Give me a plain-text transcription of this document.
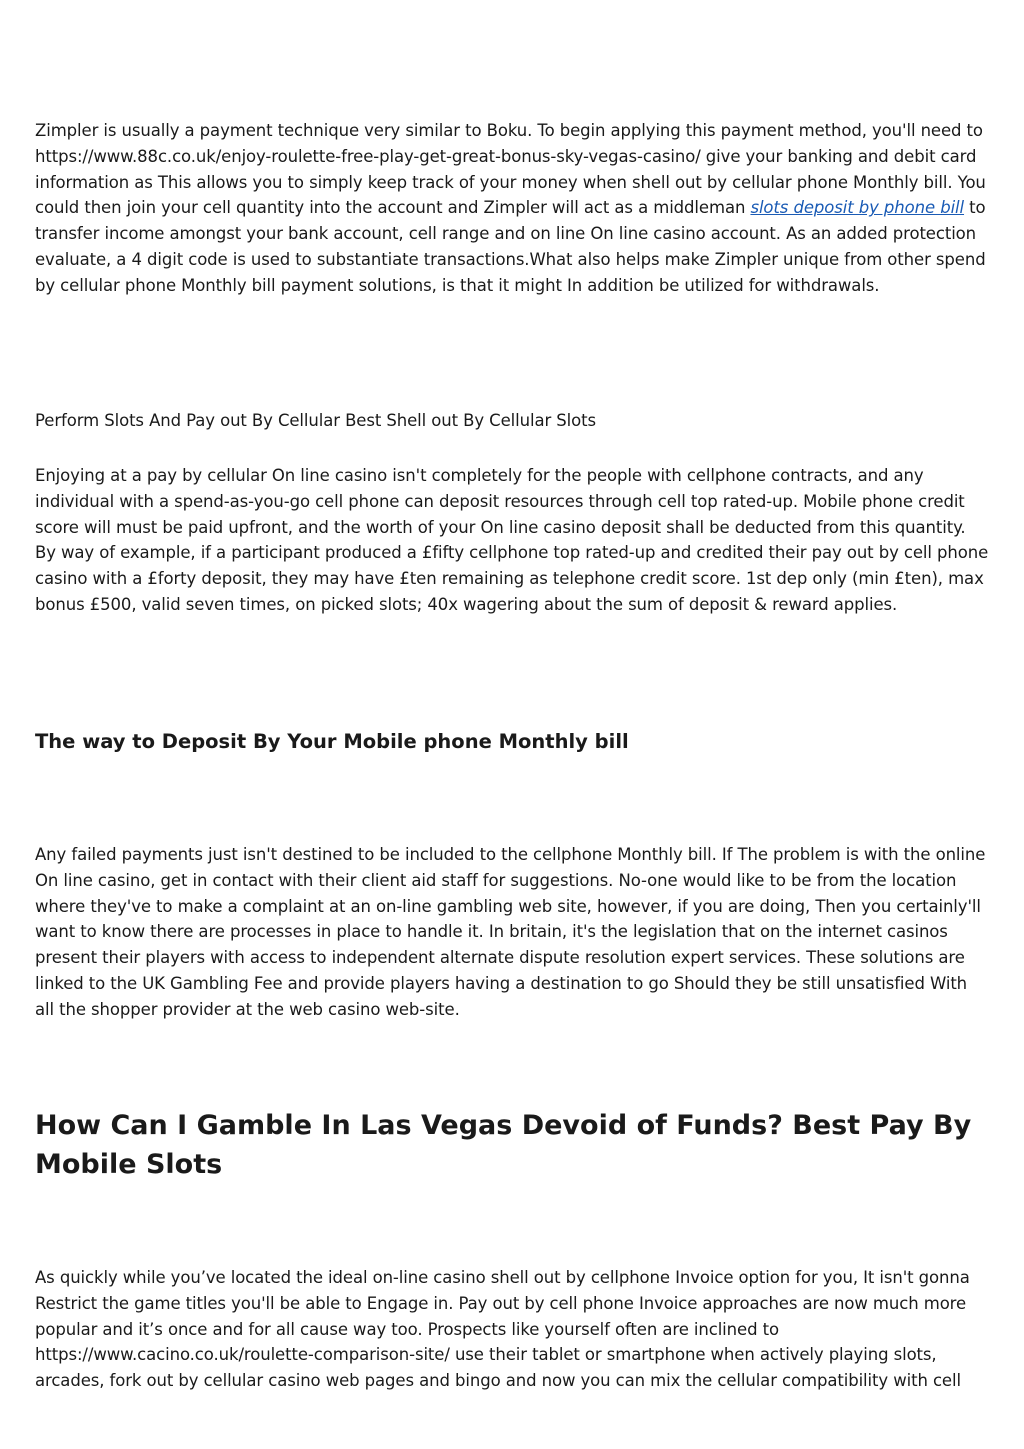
Zimpler is usually a payment technique very similar to Boku. To begin applying this payment method, you'll need to https://www.88c.co.uk/enjoy-roulette-free-play-get-great-bonus-sky-vegas-casino/ give your banking and debit card information as This allows you to simply keep track of your money when shell out by cellular phone Monthly bill. You could then join your cell quantity into the account and Zimpler will act as a middleman slots deposit by phone bill to transfer income amongst your bank account, cell range and on line On line casino account. As an added protection evaluate, a 4 digit code is used to substantiate transactions.What also helps make Zimpler unique from other spend by cellular phone Monthly bill payment solutions, is that it might In addition be utilized for withdrawals.

Perform Slots And Pay out By Cellular Best Shell out By Cellular Slots

Enjoying at a pay by cellular On line casino isn't completely for the people with cellphone contracts, and any individual with a spend-as-you-go cell phone can deposit resources through cell top rated-up. Mobile phone credit score will must be paid upfront, and the worth of your On line casino deposit shall be deducted from this quantity. By way of example, if a participant produced a £fifty cellphone top rated-up and credited their pay out by cell phone casino with a £forty deposit, they may have £ten remaining as telephone credit score. 1st dep only (min £ten), max bonus £500, valid seven times, on picked slots; 40x wagering about the sum of deposit & reward applies.

The way to Deposit By Your Mobile phone Monthly bill

Any failed payments just isn't destined to be included to the cellphone Monthly bill. If The problem is with the online On line casino, get in contact with their client aid staff for suggestions. No-one would like to be from the location where they've to make a complaint at an on-line gambling web site, however, if you are doing, Then you certainly'll want to know there are processes in place to handle it. In britain, it's the legislation that on the internet casinos present their players with access to independent alternate dispute resolution expert services. These solutions are linked to the UK Gambling Fee and provide players having a destination to go Should they be still unsatisfied With all the shopper provider at the web casino web-site.

How Can I Gamble In Las Vegas Devoid of Funds? Best Pay By Mobile Slots

As quickly while you’ve located the ideal on-line casino shell out by cellphone Invoice option for you, It isn't gonna Restrict the game titles you'll be able to Engage in. Pay out by cell phone Invoice approaches are now much more popular and it’s once and for all cause way too. Prospects like yourself often are inclined to https://www.cacino.co.uk/roulette-comparison-site/ use their tablet or smartphone when actively playing slots, arcades, fork out by cellular casino web pages and bingo and now you can mix the cellular compatibility with cell
